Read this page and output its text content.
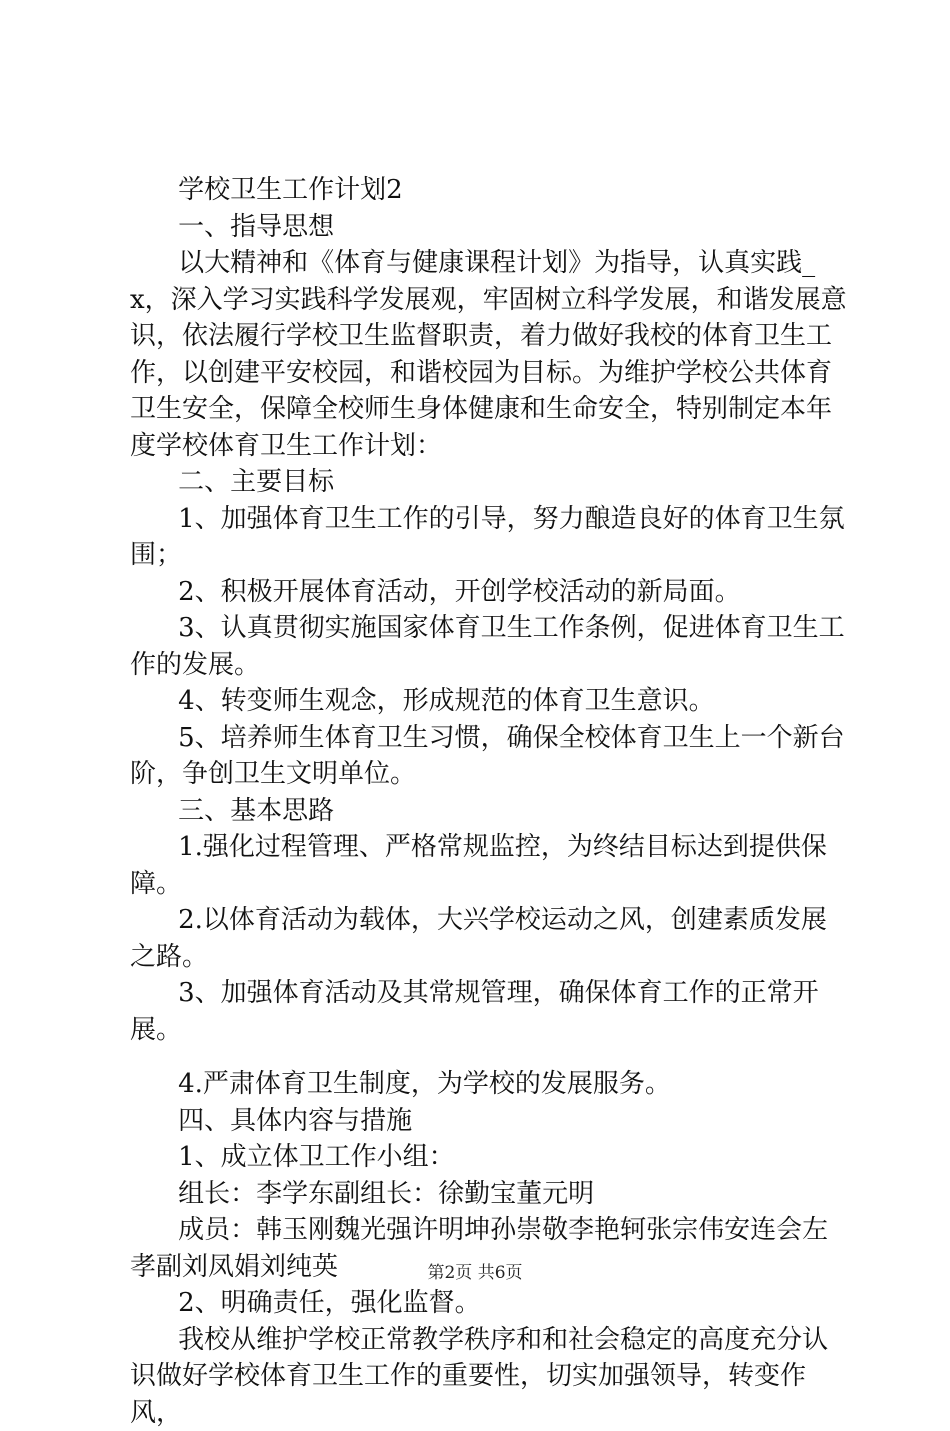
学校卫生工作计划2

一、指导思想

以大精神和《体育与健康课程计划》为指导，认真实践_x，深入学习实践科学发展观，牢固树立科学发展，和谐发展意识，依法履行学校卫生监督职责，着力做好我校的体育卫生工作，以创建平安校园，和谐校园为目标。为维护学校公共体育卫生安全，保障全校师生身体健康和生命安全，特别制定本年度学校体育卫生工作计划：

二、主要目标

1、加强体育卫生工作的引导，努力酿造良好的体育卫生氛围；

2、积极开展体育活动，开创学校活动的新局面。

3、认真贯彻实施国家体育卫生工作条例，促进体育卫生工作的发展。

4、转变师生观念，形成规范的体育卫生意识。

5、培养师生体育卫生习惯，确保全校体育卫生上一个新台阶，争创卫生文明单位。

三、基本思路

1.强化过程管理、严格常规监控，为终结目标达到提供保障。

2.以体育活动为载体，大兴学校运动之风，创建素质发展之路。

3、加强体育活动及其常规管理，确保体育工作的正常开展。

4.严肃体育卫生制度，为学校的发展服务。

四、具体内容与措施

1、成立体卫工作小组：

组长：李学东副组长：徐勤宝董元明

成员：韩玉刚魏光强许明坤孙崇敬李艳轲张宗伟安连会左孝副刘凤娟刘纯英

2、明确责任，强化监督。

我校从维护学校正常教学秩序和和社会稳定的高度充分认识做好学校体育卫生工作的重要性，切实加强领导，转变作风，

第2页 共6页
